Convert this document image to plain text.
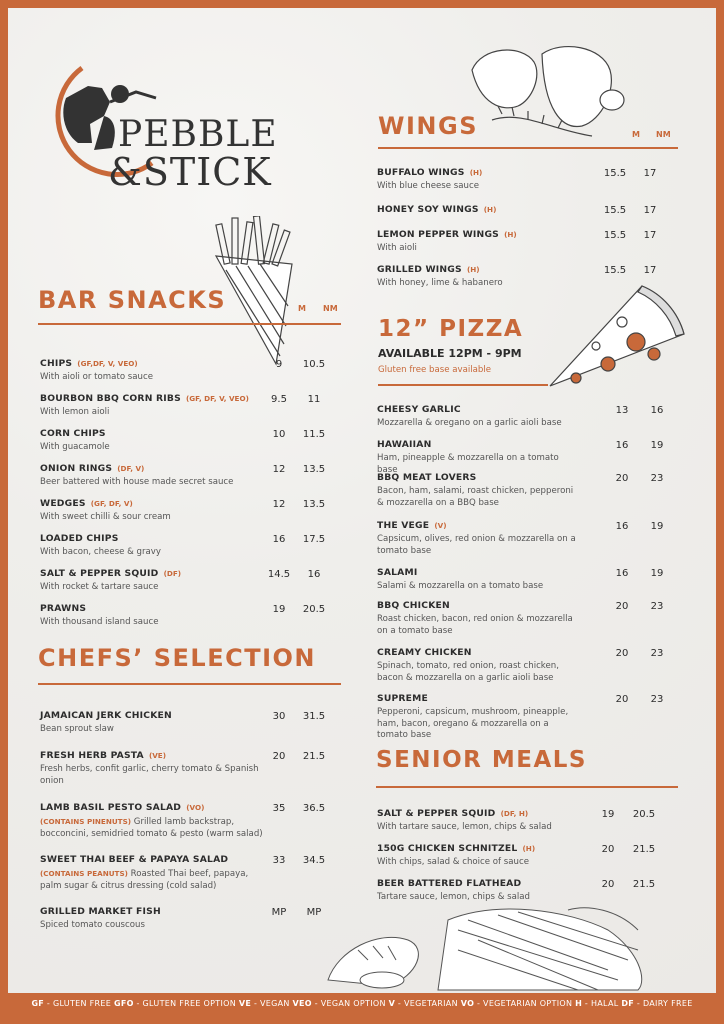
PEBBLE
&STICK
BAR SNACKS	M NM
CHIPS (GF,DF, V, VEO)
With aioli or tomato sauce
9	10.5
BOURBON BBQ CORN RIBS (GF, DF, V, VEO)
With lemon aioli
9.5	11
CORN CHIPS
With guacamole
10	11.5
ONION RINGS (DF, V)
Beer battered with house made secret sauce
12	13.5
WEDGES (GF, DF, V)
With sweet chilli & sour cream
12	13.5
LOADED CHIPS
With bacon, cheese & gravy
16	17.5
SALT & PEPPER SQUID (DF)
With rocket & tartare sauce
14.5	16
PRAWNS
With thousand island sauce
19	20.5
CHEFS’ SELECTION
JAMAICAN JERK CHICKEN
Bean sprout slaw
30	31.5
FRESH HERB PASTA (VE)
Fresh herbs, confit garlic, cherry tomato & Spanish onion
20	21.5
LAMB BASIL PESTO SALAD (VO)
(CONTAINS PINENUTS) Grilled lamb backstrap, bocconcini, semidried tomato & pesto (warm salad)
35	36.5
SWEET THAI BEEF & PAPAYA SALAD
(CONTAINS PEANUTS) Roasted Thai beef, papaya, palm sugar & citrus dressing (cold salad)
33	34.5
GRILLED MARKET FISH
Spiced tomato couscous
MP	MP
WINGS	M NM
BUFFALO WINGS (H)
With blue cheese sauce
15.5	17
HONEY SOY WINGS (H)	15.5	17
LEMON PEPPER WINGS (H)
With aioli
15.5	17
GRILLED WINGS (H)
With honey, lime & habanero
15.5	17
12” PIZZA
AVAILABLE 12PM - 9PM
Gluten free base available
CHEESY GARLIC
Mozzarella & oregano on a garlic aioli base
13	16
HAWAIIAN
Ham, pineapple & mozzarella on a tomato base
16	19
BBQ MEAT LOVERS
Bacon, ham, salami, roast chicken, pepperoni & mozzarella on a BBQ base
20	23
THE VEGE (V)
Capsicum, olives, red onion & mozzarella on a tomato base
16	19
SALAMI
Salami & mozzarella on a tomato base
16	19
BBQ CHICKEN
Roast chicken, bacon, red onion & mozzarella on a tomato base
20	23
CREAMY CHICKEN
Spinach, tomato, red onion, roast chicken, bacon & mozzarella on a garlic aioli base
20	23
SUPREME
Pepperoni, capsicum, mushroom, pineapple, ham, bacon, oregano & mozzarella on a tomato base
20	23
SENIOR MEALS
SALT & PEPPER SQUID (DF, H)
With tartare sauce, lemon, chips & salad
19	20.5
150G CHICKEN SCHNITZEL (H)
With chips, salad & choice of sauce
20	21.5
BEER BATTERED FLATHEAD
Tartare sauce, lemon, chips & salad
20	21.5
GF - GLUTEN FREE GFO - GLUTEN FREE OPTION VE - VEGAN VEO - VEGAN OPTION V - VEGETARIAN VO - VEGETARIAN OPTION H - HALAL DF - DAIRY FREE
